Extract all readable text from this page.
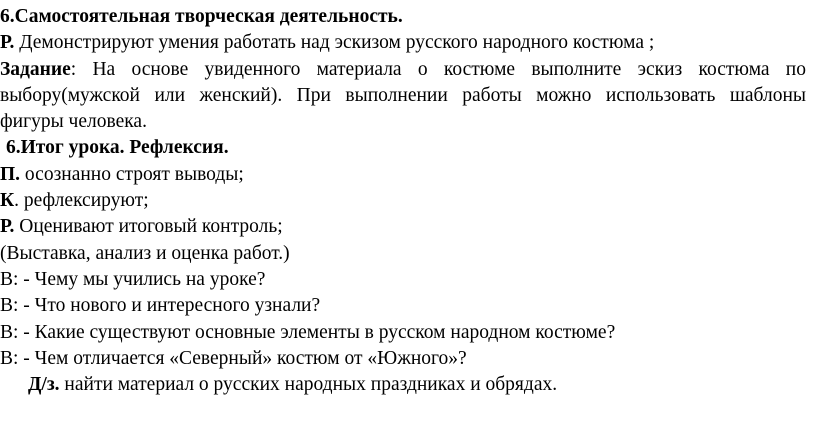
6.Самостоятельная творческая деятельность.
Р. Демонстрируют умения работать над эскизом русского народного костюма ;
Задание: На основе увиденного материала о костюме выполните эскиз костюма по
выбору(мужской или женский). При выполнении работы можно использовать шаблоны
фигуры человека.
6.Итог урока. Рефлексия.
П. осознанно строят выводы;
К. рефлексируют;
Р. Оценивают итоговый контроль;
(Выставка, анализ и оценка работ.)
В: - Чему мы учились на уроке?
В: - Что нового и интересного узнали?
В: - Какие существуют основные элементы в русском народном костюме?
В: - Чем отличается «Северный» костюм от «Южного»?
Д/з. найти материал о русских народных праздниках и обрядах.
